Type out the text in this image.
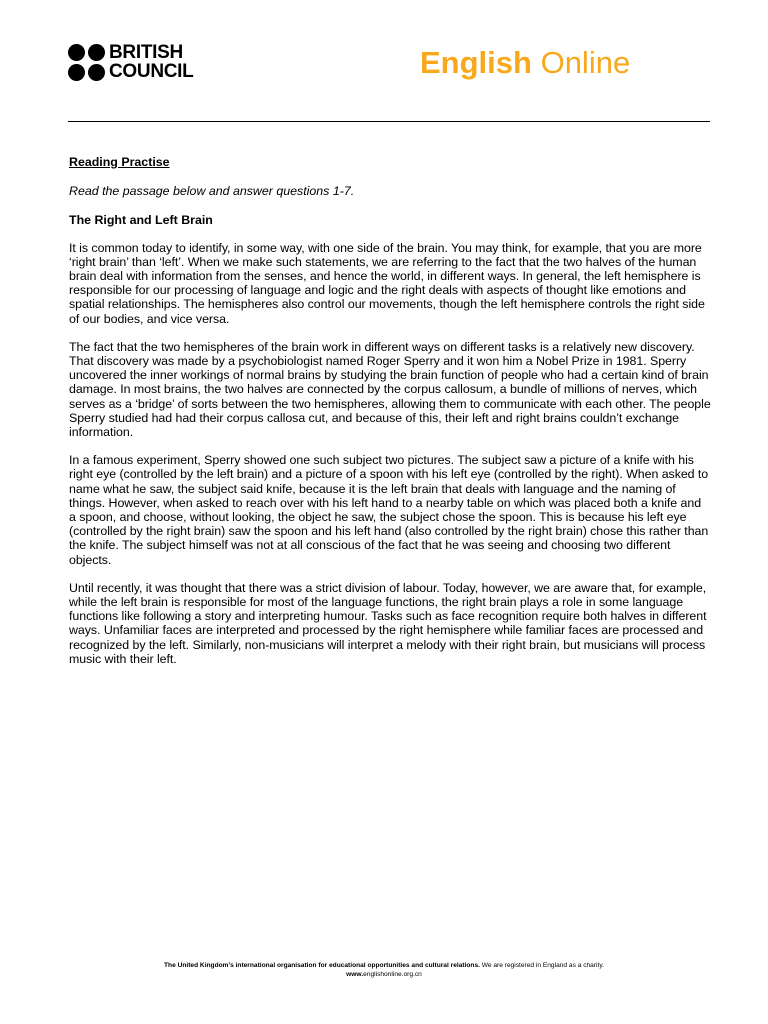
BRITISH
COUNCIL	English Online
Reading Practise
Read the passage below and answer questions 1-7.
The Right and Left Brain

It is common today to identify, in some way, with one side of the brain. You may think, for example, that you are more ‘right brain’ than ‘left’. When we make such statements, we are referring to the fact that the two halves of the human brain deal with information from the senses, and hence the world, in different ways. In general, the left hemisphere is responsible for our processing of language and logic and the right deals with aspects of thought like emotions and spatial relationships. The hemispheres also control our movements, though the left hemisphere controls the right side of our bodies, and vice versa.

The fact that the two hemispheres of the brain work in different ways on different tasks is a relatively new discovery. That discovery was made by a psychobiologist named Roger Sperry and it won him a Nobel Prize in 1981. Sperry uncovered the inner workings of normal brains by studying the brain function of people who had a certain kind of brain damage. In most brains, the two halves are connected by the corpus callosum, a bundle of millions of nerves, which serves as a ‘bridge’ of sorts between the two hemispheres, allowing them to communicate with each other. The people Sperry studied had had their corpus callosa cut, and because of this, their left and right brains couldn’t exchange information.

In a famous experiment, Sperry showed one such subject two pictures. The subject saw a picture of a knife with his right eye (controlled by the left brain) and a picture of a spoon with his left eye (controlled by the right). When asked to name what he saw, the subject said knife, because it is the left brain that deals with language and the naming of things. However, when asked to reach over with his left hand to a nearby table on which was placed both a knife and a spoon, and choose, without looking, the object he saw, the subject chose the spoon. This is because his left eye (controlled by the right brain) saw the spoon and his left hand (also controlled by the right brain) chose this rather than the knife. The subject himself was not at all conscious of the fact that he was seeing and choosing two different objects.

Until recently, it was thought that there was a strict division of labour. Today, however, we are aware that, for example, while the left brain is responsible for most of the language functions, the right brain plays a role in some language functions like following a story and interpreting humour. Tasks such as face recognition require both halves in different ways. Unfamiliar faces are interpreted and processed by the right hemisphere while familiar faces are processed and recognized by the left. Similarly, non-musicians will interpret a melody with their right brain, but musicians will process music with their left.

The United Kingdom’s international organisation for educational opportunities and cultural relations. We are registered in England as a charity.
www.englishonline.org.cn
